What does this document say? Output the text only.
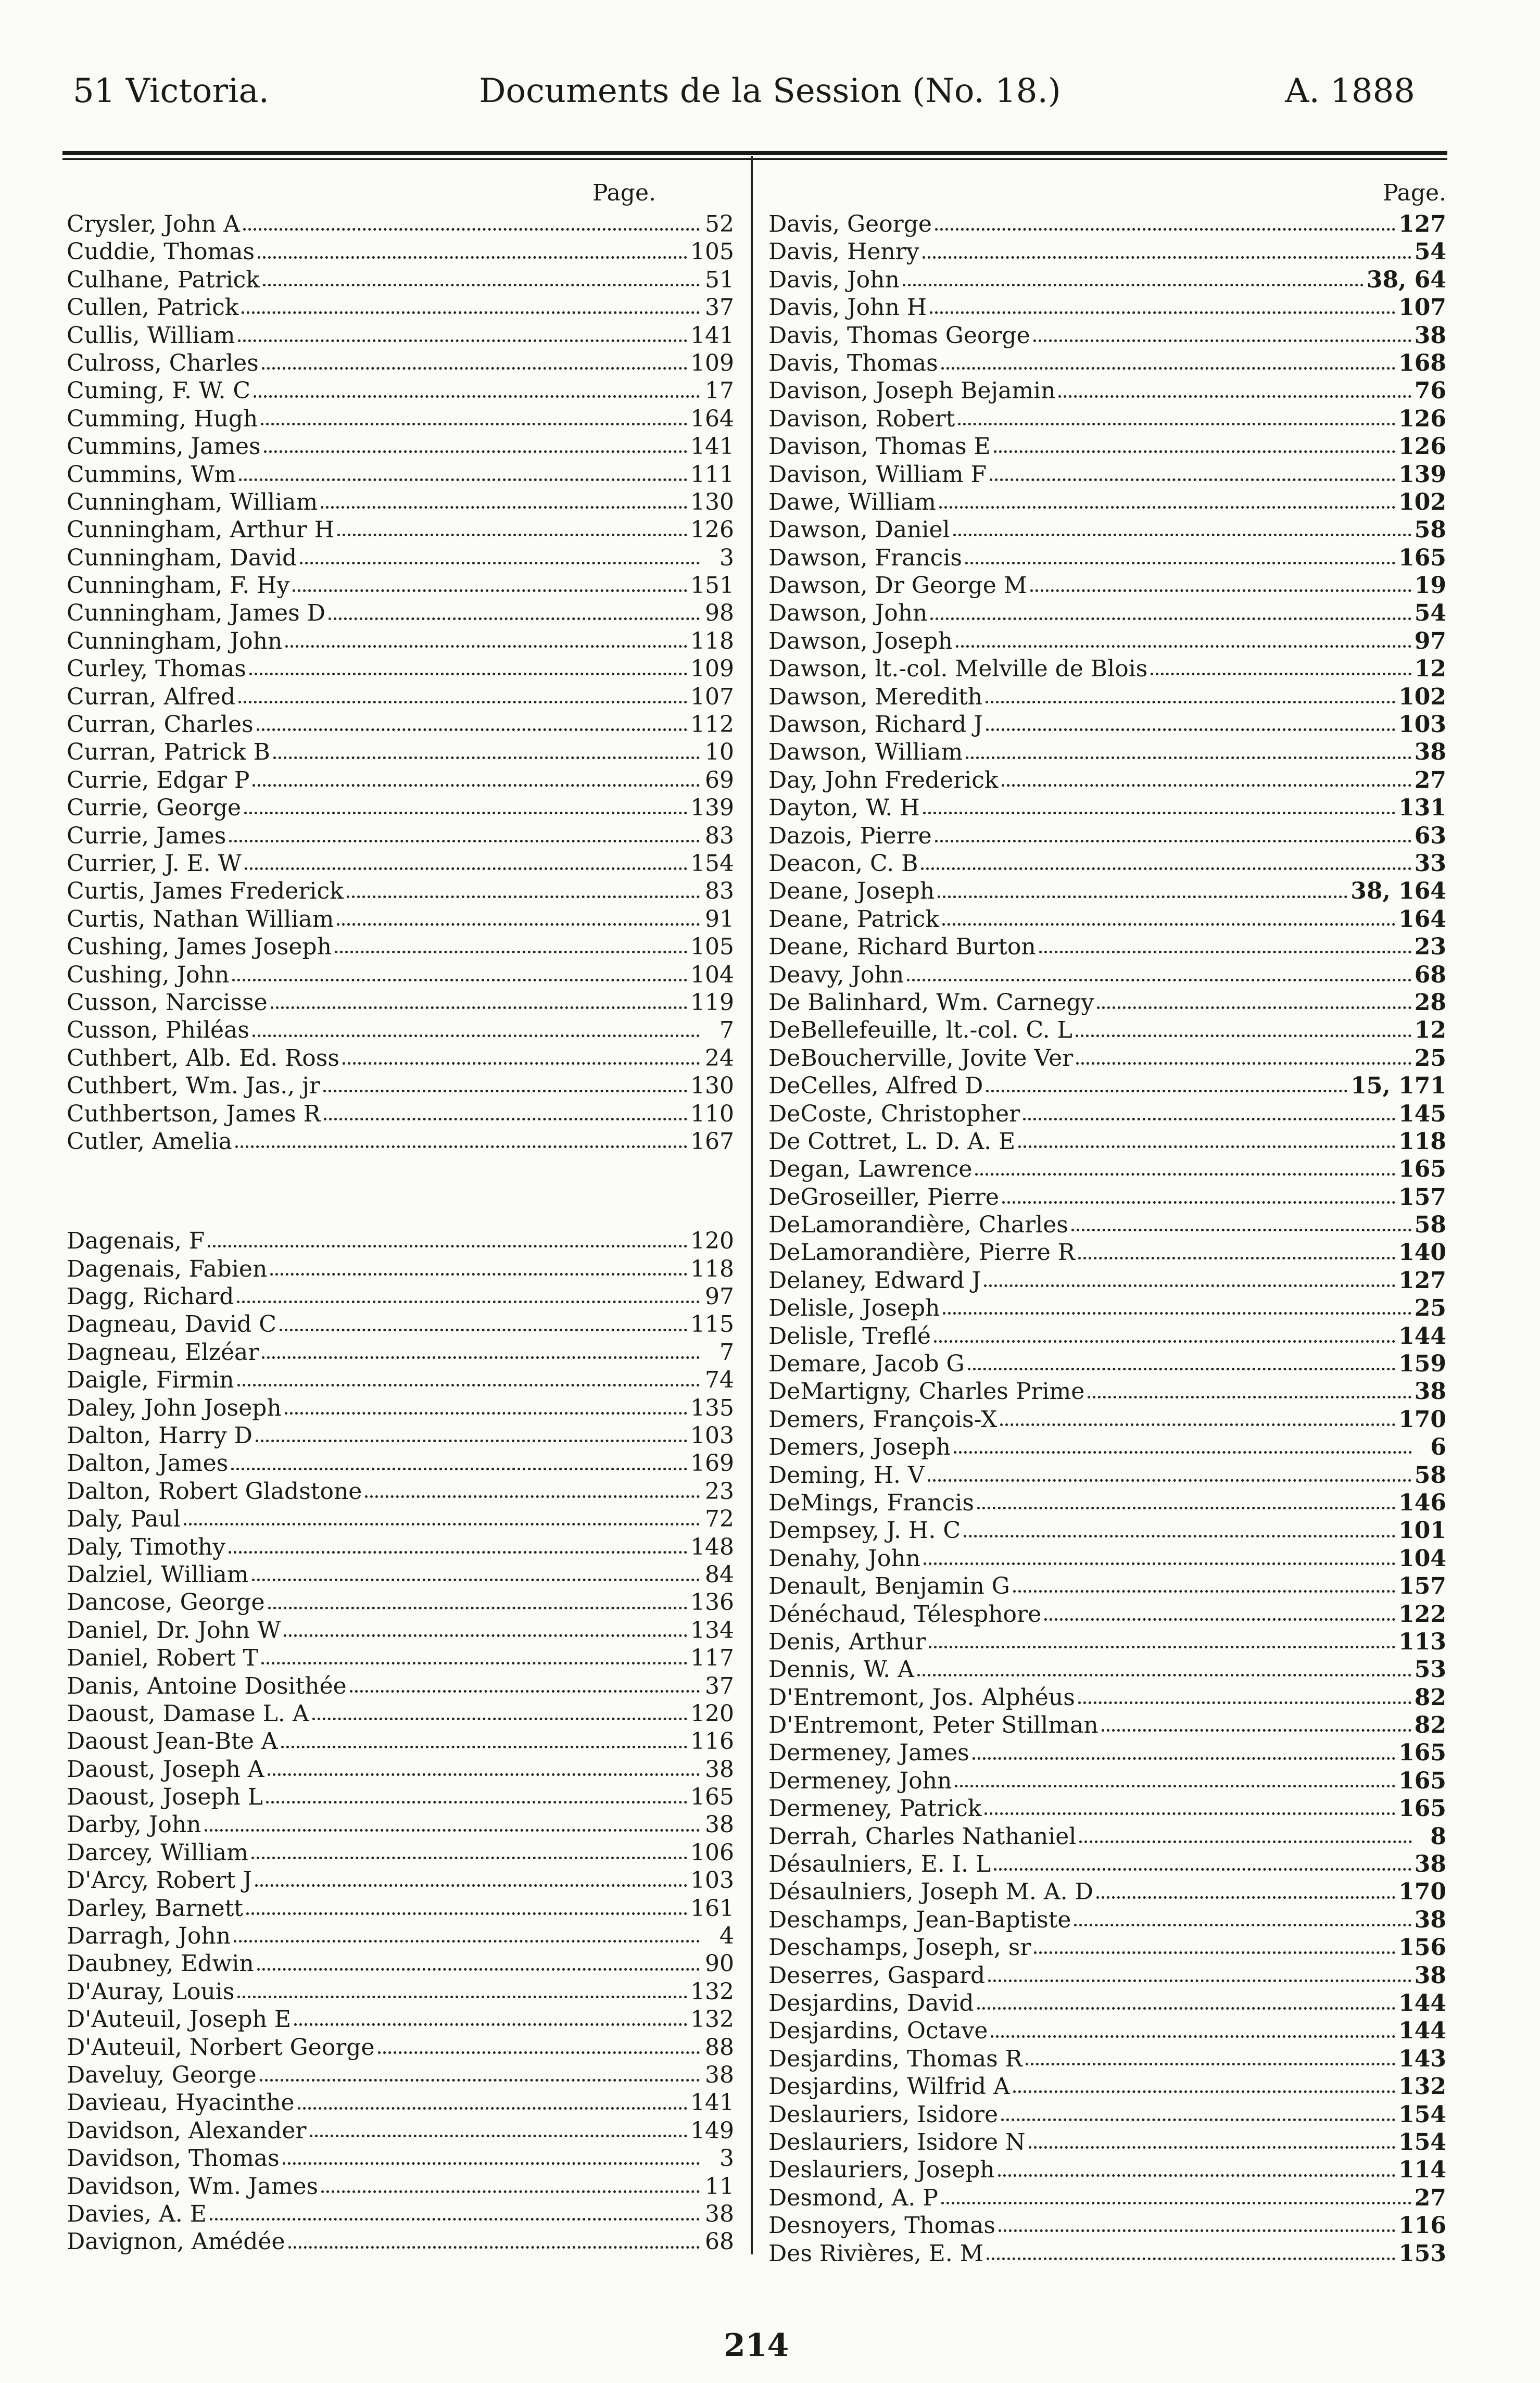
51 Victoria.	Documents de la Session (No. 18.)	A. 1888
Page.
Crysler, John A	52
Cuddie, Thomas	105
Culhane, Patrick	51
Cullen, Patrick	37
Cullis, William	141
Culross, Charles	109
Cuming, F. W. C	17
Cumming, Hugh	164
Cummins, James	141
Cummins, Wm	111
Cunningham, William	130
Cunningham, Arthur H	126
Cunningham, David	3
Cunningham, F. Hy	151
Cunningham, James D	98
Cunningham, John	118
Curley, Thomas	109
Curran, Alfred	107
Curran, Charles	112
Curran, Patrick B	10
Currie, Edgar P	69
Currie, George	139
Currie, James	83
Currier, J. E. W	154
Curtis, James Frederick	83
Curtis, Nathan William	91
Cushing, James Joseph	105
Cushing, John	104
Cusson, Narcisse	119
Cusson, Philéas	7
Cuthbert, Alb. Ed. Ross	24
Cuthbert, Wm. Jas., jr	130
Cuthbertson, James R	110
Cutler, Amelia	167
Dagenais, F	120
Dagenais, Fabien	118
Dagg, Richard	97
Dagneau, David C	115
Dagneau, Elzéar	7
Daigle, Firmin	74
Daley, John Joseph	135
Dalton, Harry D	103
Dalton, James	169
Dalton, Robert Gladstone	23
Daly, Paul	72
Daly, Timothy	148
Dalziel, William	84
Dancose, George	136
Daniel, Dr. John W	134
Daniel, Robert T	117
Danis, Antoine Dosithée	37
Daoust, Damase L. A	120
Daoust Jean-Bte A	116
Daoust, Joseph A	38
Daoust, Joseph L	165
Darby, John	38
Darcey, William	106
D'Arcy, Robert J	103
Darley, Barnett	161
Darragh, John	4
Daubney, Edwin	90
D'Auray, Louis	132
D'Auteuil, Joseph E	132
D'Auteuil, Norbert George	88
Daveluy, George	38
Davieau, Hyacinthe	141
Davidson, Alexander	149
Davidson, Thomas	3
Davidson, Wm. James	11
Davies, A. E	38
Davignon, Amédée	68
Page.
Davis, George	127
Davis, Henry	54
Davis, John	38, 64
Davis, John H	107
Davis, Thomas George	38
Davis, Thomas	168
Davison, Joseph Bejamin	76
Davison, Robert	126
Davison, Thomas E	126
Davison, William F	139
Dawe, William	102
Dawson, Daniel	58
Dawson, Francis	165
Dawson, Dr George M	19
Dawson, John	54
Dawson, Joseph	97
Dawson, lt.-col. Melville de Blois	12
Dawson, Meredith	102
Dawson, Richard J	103
Dawson, William	38
Day, John Frederick	27
Dayton, W. H	131
Dazois, Pierre	63
Deacon, C. B	33
Deane, Joseph	38, 164
Deane, Patrick	164
Deane, Richard Burton	23
Deavy, John	68
De Balinhard, Wm. Carnegy	28
DeBellefeuille, lt.-col. C. L	12
DeBoucherville, Jovite Ver	25
DeCelles, Alfred D	15, 171
DeCoste, Christopher	145
De Cottret, L. D. A. E	118
Degan, Lawrence	165
DeGroseiller, Pierre	157
DeLamorandière, Charles	58
DeLamorandière, Pierre R	140
Delaney, Edward J	127
Delisle, Joseph	25
Delisle, Treflé	144
Demare, Jacob G	159
DeMartigny, Charles Prime	38
Demers, François-X	170
Demers, Joseph	6
Deming, H. V	58
DeMings, Francis	146
Dempsey, J. H. C	101
Denahy, John	104
Denault, Benjamin G	157
Dénéchaud, Télesphore	122
Denis, Arthur	113
Dennis, W. A	53
D'Entremont, Jos. Alphéus	82
D'Entremont, Peter Stillman	82
Dermeney, James	165
Dermeney, John	165
Dermeney, Patrick	165
Derrah, Charles Nathaniel	8
Désaulniers, E. I. L	38
Désaulniers, Joseph M. A. D	170
Deschamps, Jean-Baptiste	38
Deschamps, Joseph, sr	156
Deserres, Gaspard	38
Desjardins, David	144
Desjardins, Octave	144
Desjardins, Thomas R	143
Desjardins, Wilfrid A	132
Deslauriers, Isidore	154
Deslauriers, Isidore N	154
Deslauriers, Joseph	114
Desmond, A. P	27
Desnoyers, Thomas	116
Des Rivières, E. M	153
214
